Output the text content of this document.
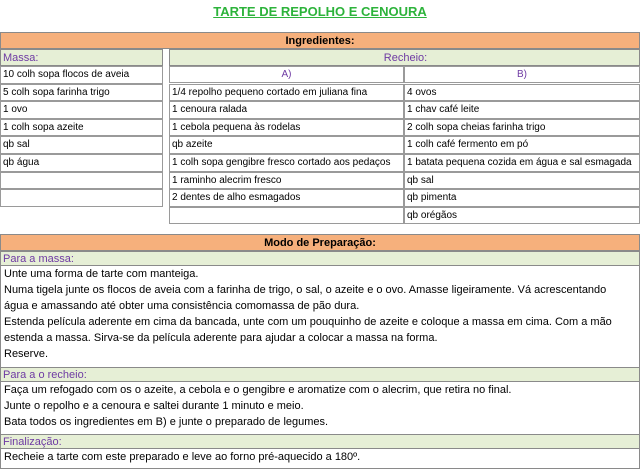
TARTE DE REPOLHO E CENOURA
Ingredientes:
Massa:	Recheio:
A)	B)
10 colh sopa flocos de aveia
5 colh sopa farinha trigo
1 ovo
1 colh sopa azeite
qb sal
qb água
1/4 repolho pequeno cortado em juliana fina
1 cenoura ralada
1 cebola pequena às rodelas
qb azeite
1 colh sopa gengibre fresco cortado aos pedaços
1 raminho alecrim fresco
2 dentes de alho esmagados
4 ovos
1 chav café leite
2 colh sopa cheias farinha trigo
1 colh café fermento em pó
1 batata pequena cozida em água e sal esmagada
qb sal
qb pimenta
qb orégãos
Modo de Preparação:
Para a massa:
Unte uma forma de tarte com manteiga.
Numa tigela junte os flocos de aveia com a farinha de trigo, o sal, o azeite e o ovo. Amasse ligeiramente. Vá acrescentando
água e amassando até obter uma consistência comomassa de pão dura.
Estenda película aderente em cima da bancada, unte com um pouquinho de azeite e coloque a massa em cima. Com a mão
estenda a massa. Sirva-se da película aderente para ajudar a colocar a massa na forma.
Reserve.
Para a o recheio:
Faça um refogado com os o azeite, a cebola e o gengibre e aromatize com o alecrim, que retira no final.
Junte o repolho e a cenoura e saltei durante 1 minuto e meio.
Bata todos os ingredientes em B) e junte o preparado de legumes.
Finalização:
Recheie a tarte com este preparado e leve ao forno pré-aquecido a 180º.
